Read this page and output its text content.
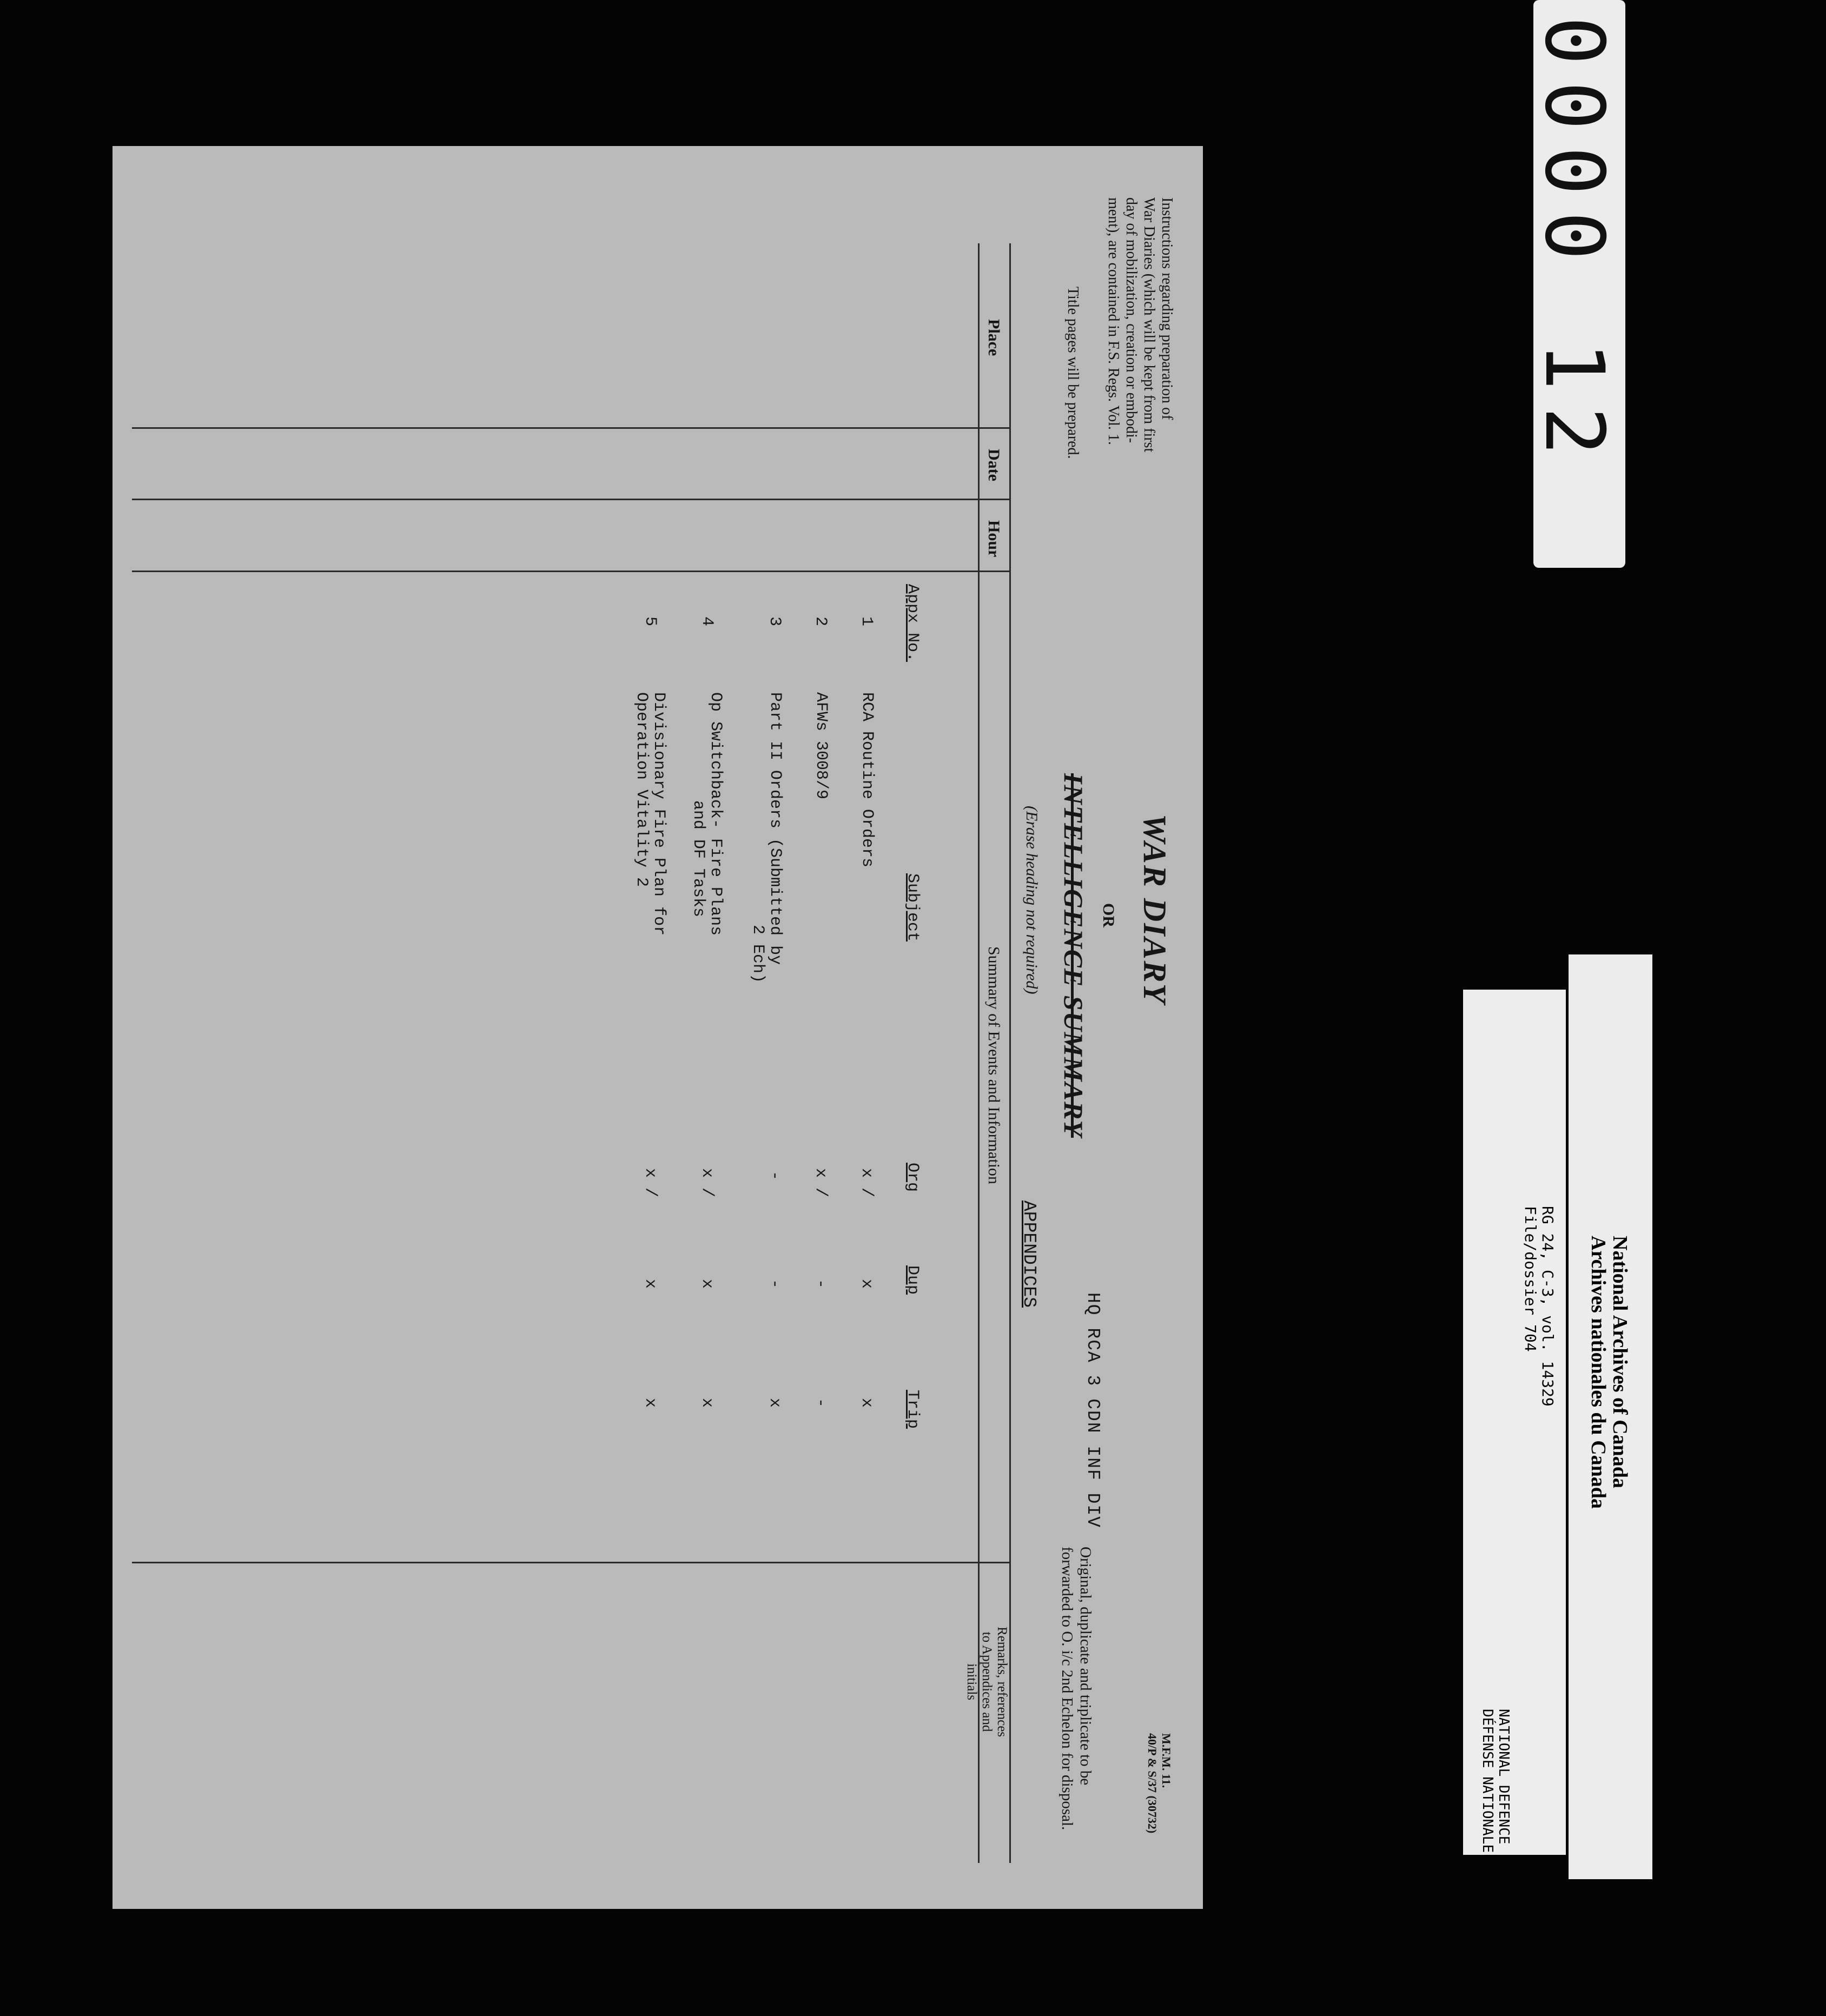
M.F.M. 11.
40/P & S/37 (30732)
Instructions regarding preparation of
War Diaries (which will be kept from first
day of mobilization, creation or embodi-
ment), are contained in F.S. Regs. Vol. 1.
Title pages will be prepared.
WAR DIARY
OR
INTELLIGENCE SUMMARY
(Erase heading not required)
HQ RCA 3 CDN INF DIV
APPENDICES
Original, duplicate and triplicate to be
forwarded to O. i/c 2nd Echelon for disposal.
Place
Date
Hour
Summary of Events and Information
Remarks, references
to Appendices and
initials
Appx No.
Subject
Org
Dup
Trip
1
RCA Routine Orders
x /
x
x
2
AFWs 3008/9
x /
-
-
3
Part II Orders (Submitted by
2 Ech)
-
-
x
4
Op Switchback- Fire Plans
and DF Tasks
x /
x
x
5
Divisionary Fire Plan for
Operation Vitality 2
x /
x
x
0000 12
RG 24, C-3, vol. 14329
File/dossier 704
NATIONAL DEFENCE
DÉFENSE NATIONALE
National Archives of Canada
Archives nationales du Canada
